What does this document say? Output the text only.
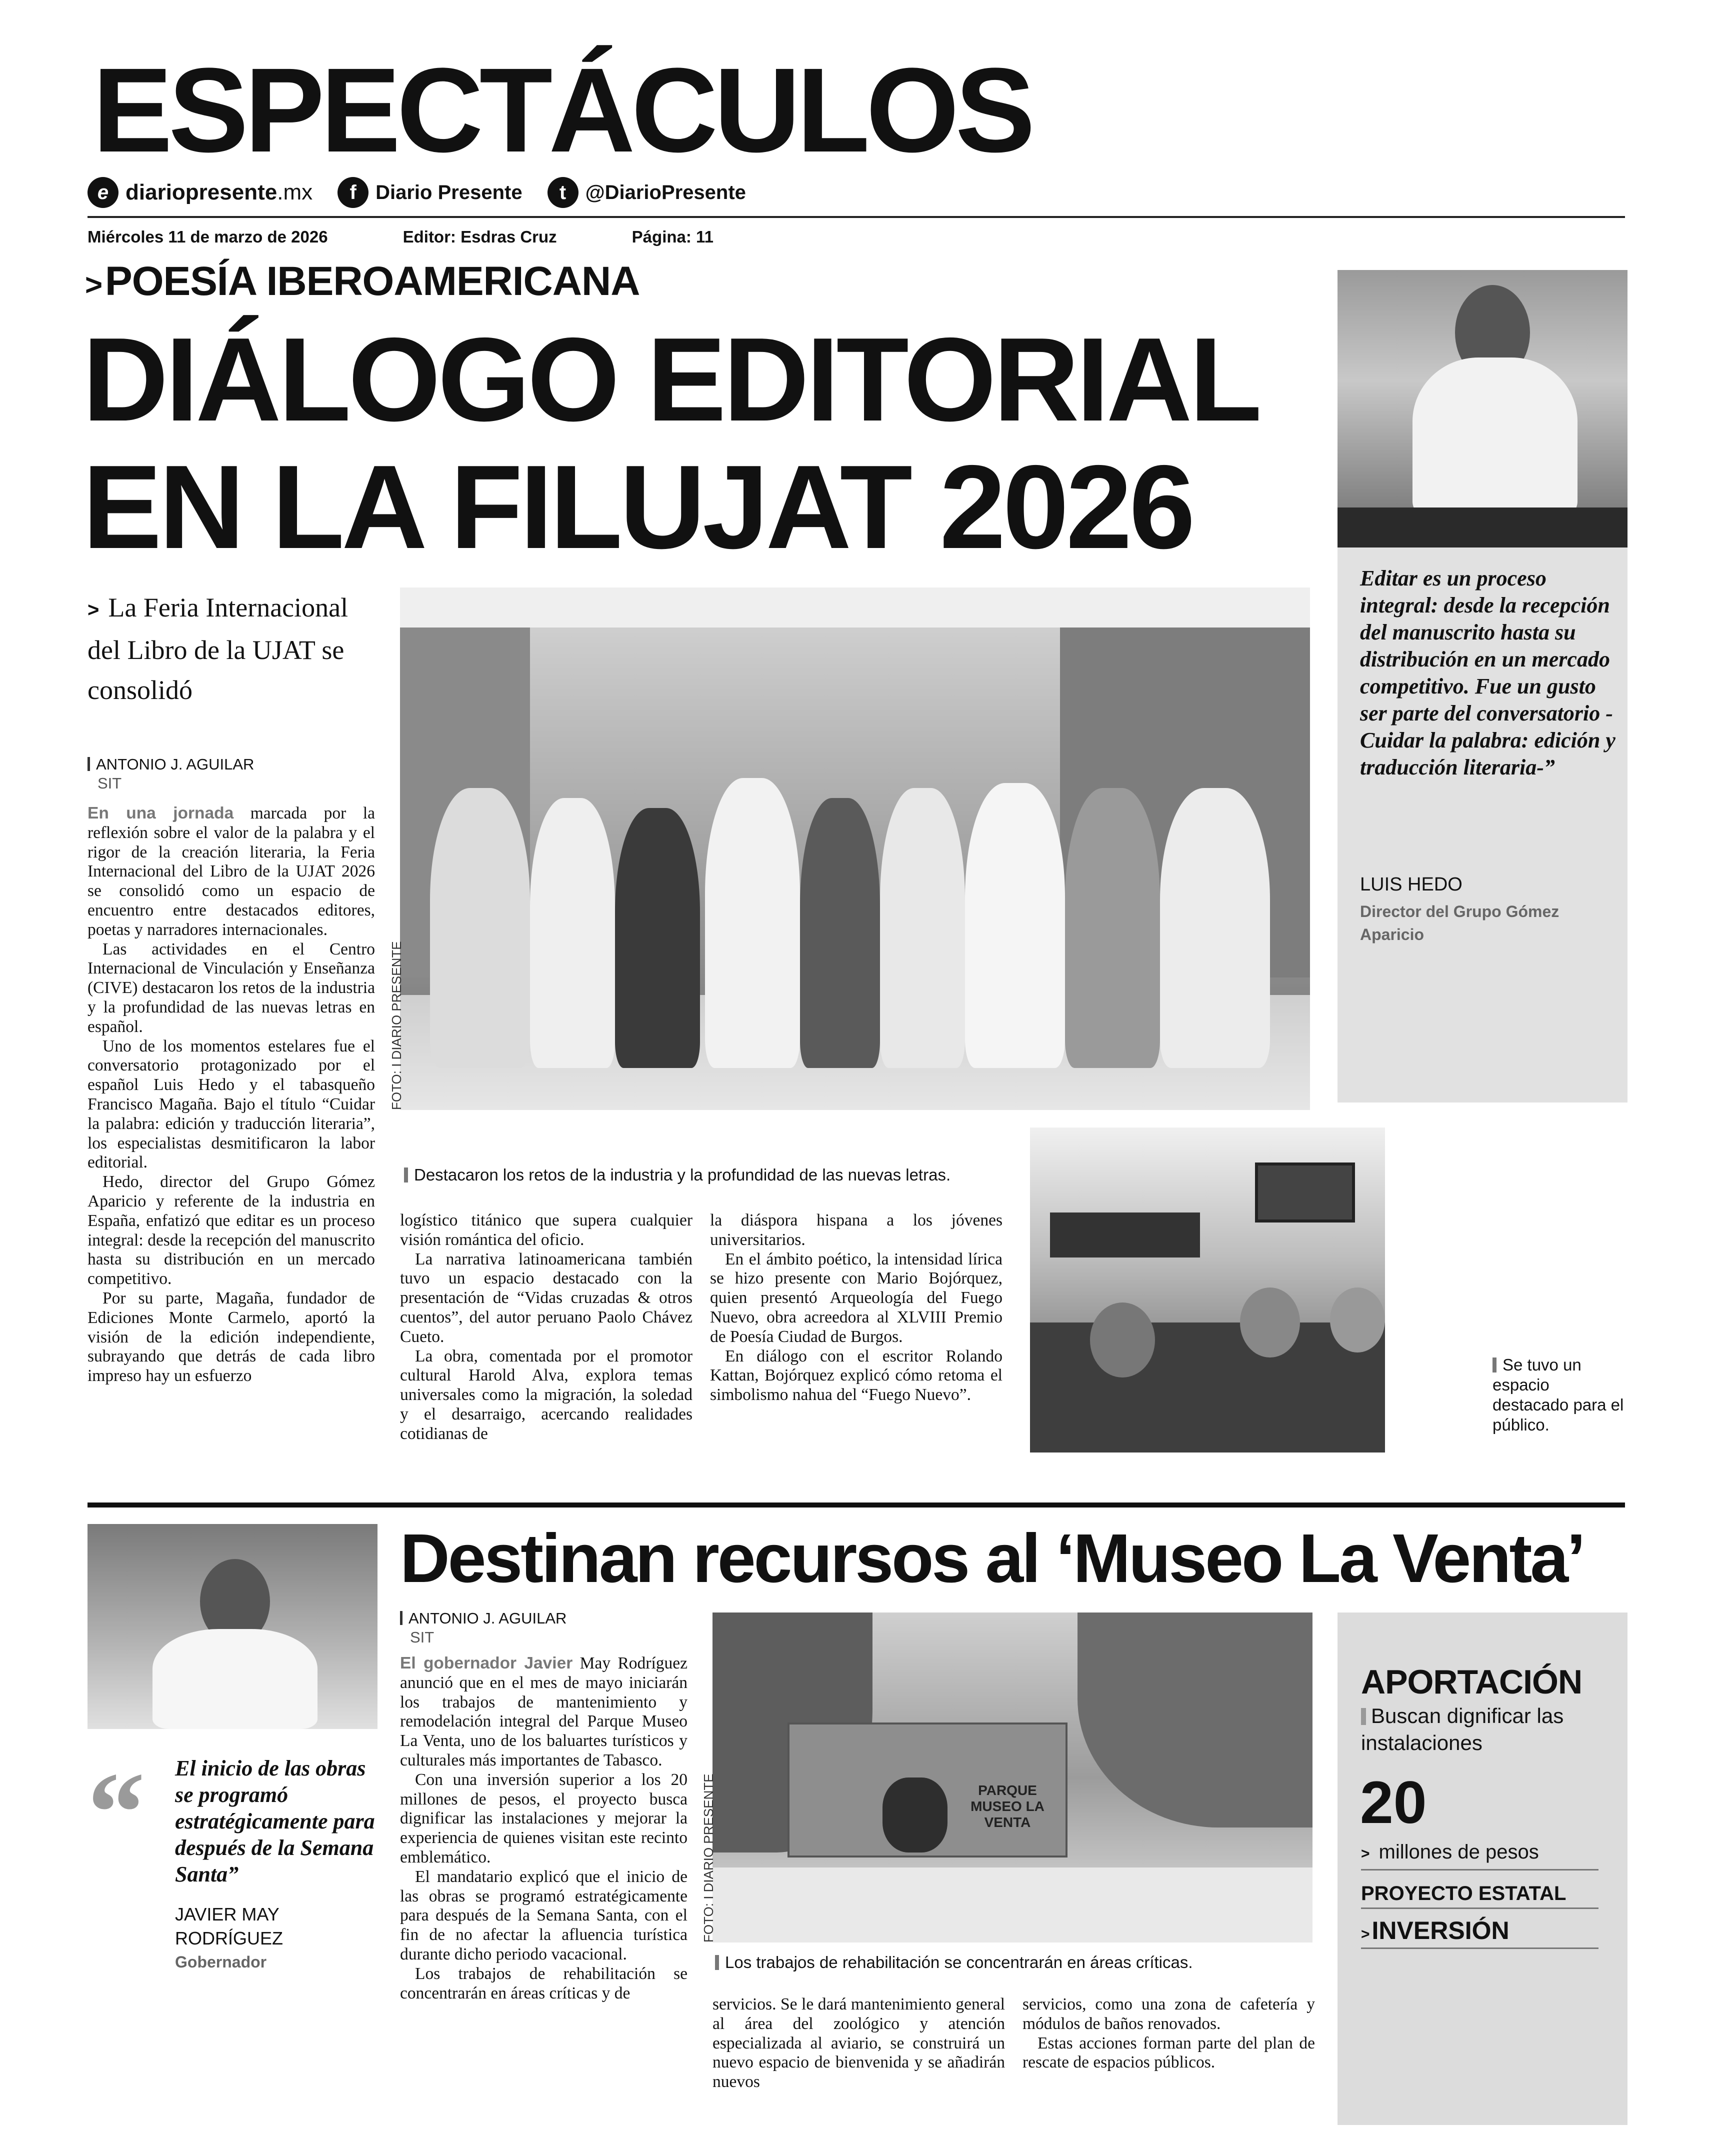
ESPECTÁCULOS
e diariopresente.mx	f Diario Presente	t @DiarioPresente
Miércoles 11 de marzo de 2026	Editor: Esdras Cruz	Página: 11
>POESÍA IBEROAMERICANA
DIÁLOGO EDITORIAL
EN LA FILUJAT 2026
> La Feria Internacional del Libro de la UJAT se consolidó
ANTONIO J. AGUILAR
SIT

En una jornada marcada por la reflexión sobre el valor de la palabra y el rigor de la creación literaria, la Feria Internacional del Libro de la UJAT 2026 se consolidó como un espacio de encuentro entre destacados editores, poetas y narradores internacionales.

Las actividades en el Centro Internacional de Vinculación y Enseñanza (CIVE) destacaron los retos de la industria y la profundidad de las nuevas letras en español.

Uno de los momentos estelares fue el conversatorio protagonizado por el español Luis Hedo y el tabasqueño Francisco Magaña. Bajo el título “Cuidar la palabra: edición y traducción literaria”, los especialistas desmitificaron la labor editorial.

Hedo, director del Grupo Gómez Aparicio y referente de la industria en España, enfatizó que editar es un proceso integral: desde la recepción del manuscrito hasta su distribución en un mercado competitivo.

Por su parte, Magaña, fundador de Ediciones Monte Carmelo, aportó la visión de la edición independiente, subrayando que detrás de cada libro impreso hay un esfuerzo

FOTO: I DIARIO PRESENTE
Destacaron los retos de la industria y la profundidad de las nuevas letras.

logístico titánico que supera cualquier visión romántica del oficio.

La narrativa latinoamericana también tuvo un espacio destacado con la presentación de “Vidas cruzadas & otros cuentos”, del autor peruano Paolo Chávez Cueto.

La obra, comentada por el promotor cultural Harold Alva, explora temas universales como la migración, la soledad y el desarraigo, acercando realidades cotidianas de

la diáspora hispana a los jóvenes universitarios.

En el ámbito poético, la intensidad lírica se hizo presente con Mario Bojórquez, quien presentó Arqueología del Fuego Nuevo, obra acreedora al XLVIII Premio de Poesía Ciudad de Burgos.

En diálogo con el escritor Rolando Kattan, Bojórquez explicó cómo retoma el simbolismo nahua del “Fuego Nuevo”.

Se tuvo un espacio destacado para el público.
Editar es un proceso integral: desde la recepción del manuscrito hasta su distribución en un mercado competitivo. Fue un gusto ser parte del conversatorio -Cuidar la palabra: edición y traducción literaria-”
LUIS HEDO
Director del Grupo Gómez Aparicio
Destinan recursos al ‘Museo La Venta’
“ El inicio de las obras se programó estratégicamente para después de la Semana Santa”
JAVIER MAY RODRÍGUEZ
Gobernador
ANTONIO J. AGUILAR
SIT

El gobernador Javier May Rodríguez anunció que en el mes de mayo iniciarán los trabajos de mantenimiento y remodelación integral del Parque Museo La Venta, uno de los baluartes turísticos y culturales más importantes de Tabasco.

Con una inversión superior a los 20 millones de pesos, el proyecto busca dignificar las instalaciones y mejorar la experiencia de quienes visitan este recinto emblemático.

El mandatario explicó que el inicio de las obras se programó estratégicamente para después de la Semana Santa, con el fin de no afectar la afluencia turística durante dicho periodo vacacional.

Los trabajos de rehabilitación se concentrarán en áreas críticas y de

PARQUE MUSEO LA VENTA
FOTO: I DIARIO PRESENTE
Los trabajos de rehabilitación se concentrarán en áreas críticas.

servicios. Se le dará mantenimiento general al área del zoológico y atención especializada al aviario, se construirá un nuevo espacio de bienvenida y se añadirán nuevos

servicios, como una zona de cafetería y módulos de baños renovados.

Estas acciones forman parte del plan de rescate de espacios públicos.

APORTACIÓN
Buscan dignificar las instalaciones
20
> millones de pesos
PROYECTO ESTATAL
>INVERSIÓN
